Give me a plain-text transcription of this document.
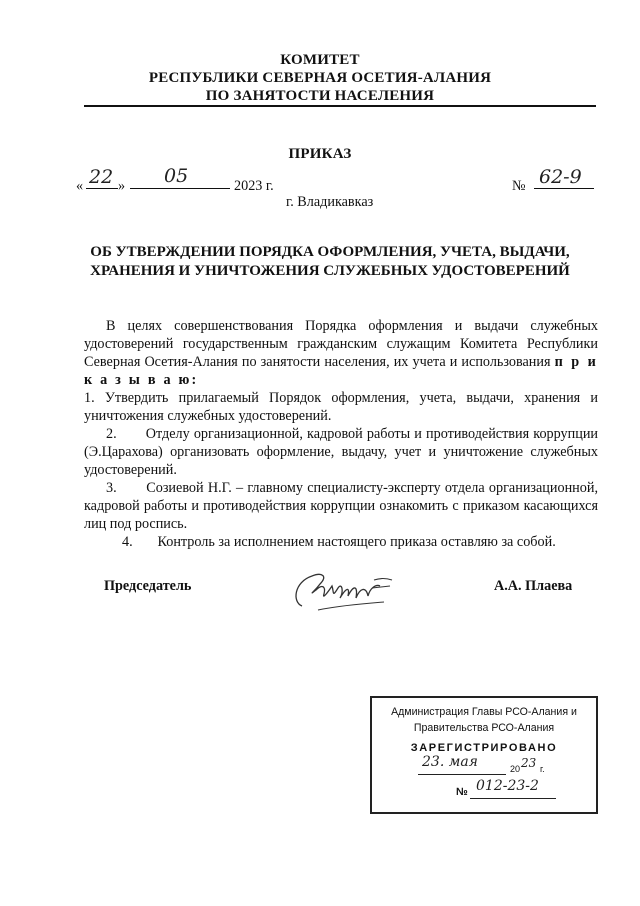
КОМИТЕТ
РЕСПУБЛИКИ СЕВЕРНАЯ ОСЕТИЯ-АЛАНИЯ
ПО ЗАНЯТОСТИ НАСЕЛЕНИЯ
ПРИКАЗ
« 22 » 05	2023 г.	№ 62-9
г. Владикавказ
ОБ УТВЕРЖДЕНИИ ПОРЯДКА ОФОРМЛЕНИЯ, УЧЕТА, ВЫДАЧИ,
ХРАНЕНИЯ И УНИЧТОЖЕНИЯ СЛУЖЕБНЫХ УДОСТОВЕРЕНИЙ

В целях совершенствования Порядка оформления и выдачи служебных удостоверений государственным гражданским служащим Комитета Республики Северная Осетия-Алания по занятости населения, их учета и использования п р и к а з ы в а ю:

1. Утвердить прилагаемый Порядок оформления, учета, выдачи, хранения и уничтожения служебных удостоверений.

2. Отделу организационной, кадровой работы и противодействия коррупции (Э.Царахова) организовать оформление, выдачу, учет и уничтожение служебных удостоверений.

3. Созиевой Н.Г. – главному специалисту-эксперту отдела организационной, кадровой работы и противодействия коррупции ознакомить с приказом касающихся лиц под роспись.

4. Контроль за исполнением настоящего приказа оставляю за собой.

Председатель	А.А. Плаева
Администрация Главы РСО-Алания и
Правительства РСО-Алания
ЗАРЕГИСТРИРОВАНО
23. мая	20 23 г.
№ 012-23-2
